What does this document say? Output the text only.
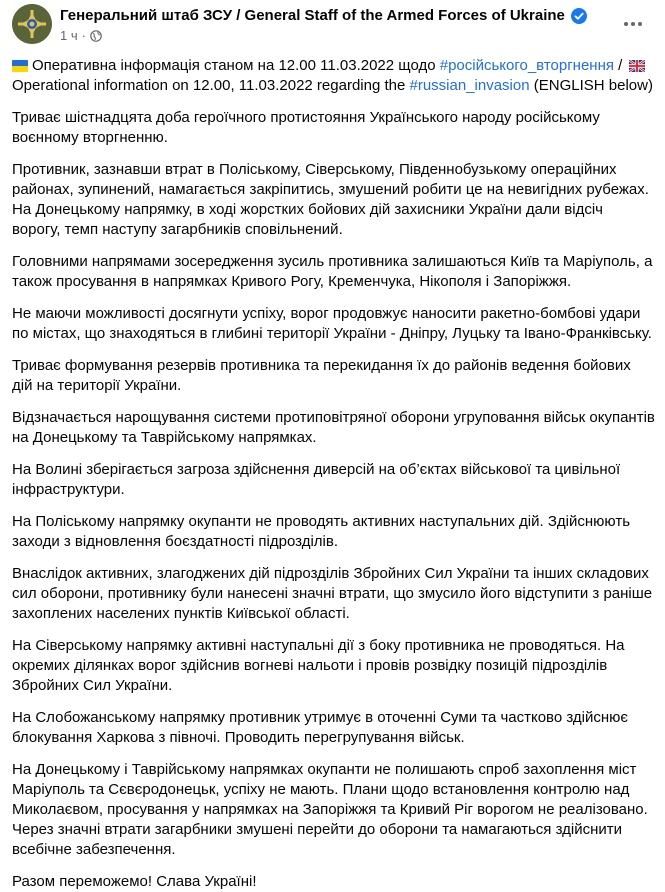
Генеральний штаб ЗСУ / General Staff of the Armed Forces of Ukraine
1 ч ·
Оперативна інформація станом на 12.00 11.03.2022 щодо #російського_вторгнення /
Operational information on 12.00, 11.03.2022 regarding the #russian_invasion (ENGLISH below)

Триває шістнадцята доба героїчного протистояння Українського народу російському воєнному вторгненню.

Противник, зазнавши втрат в Поліському, Сіверському, Південнобузькому операційних районах, зупинений, намагається закріпитись, змушений робити це на невигідних рубежах. На Донецькому напрямку, в ході жорстких бойових дій захисники України дали відсіч ворогу, темп наступу загарбників сповільнений.

Головними напрямами зосередження зусиль противника залишаються Київ та Маріуполь, а також просування в напрямках Кривого Рогу, Кременчука, Нікополя і Запоріжжя.

Не маючи можливості досягнути успіху, ворог продовжує наносити ракетно-бомбові удари по містах, що знаходяться в глибині території України - Дніпру, Луцьку та Івано-Франківську.

Триває формування резервів противника та перекидання їх до районів ведення бойових дій на території України.

Відзначається нарощування системи протиповітряної оборони угруповання військ окупантів на Донецькому та Таврійському напрямках.

На Волині зберігається загроза здійснення диверсій на об’єктах військової та цивільної інфраструктури.

На Поліському напрямку окупанти не проводять активних наступальних дій. Здійснюють заходи з відновлення боєздатності підрозділів.

Внаслідок активних, злагоджених дій підрозділів Збройних Сил України та інших складових сил оборони, противнику були нанесені значні втрати, що змусило його відступити з раніше захоплених населених пунктів Київської області.

На Сіверському напрямку активні наступальні дії з боку противника не проводяться. На окремих ділянках ворог здійснив вогневі нальоти і провів розвідку позицій підрозділів Збройних Сил України.

На Слобожанському напрямку противник утримує в оточенні Суми та частково здійснює блокування Харкова з півночі. Проводить перегрупування військ.

На Донецькому і Таврійському напрямках окупанти не полишають спроб захоплення міст Маріуполь та Сєвєродонецьк, успіху не мають. Плани щодо встановлення контролю над Миколаєвом, просування у напрямках на Запоріжжя та Кривий Ріг ворогом не реалізовано. Через значні втрати загарбники змушені перейти до оборони та намагаються здійснити всебічне забезпечення.

Разом переможемо! Слава Україні!
